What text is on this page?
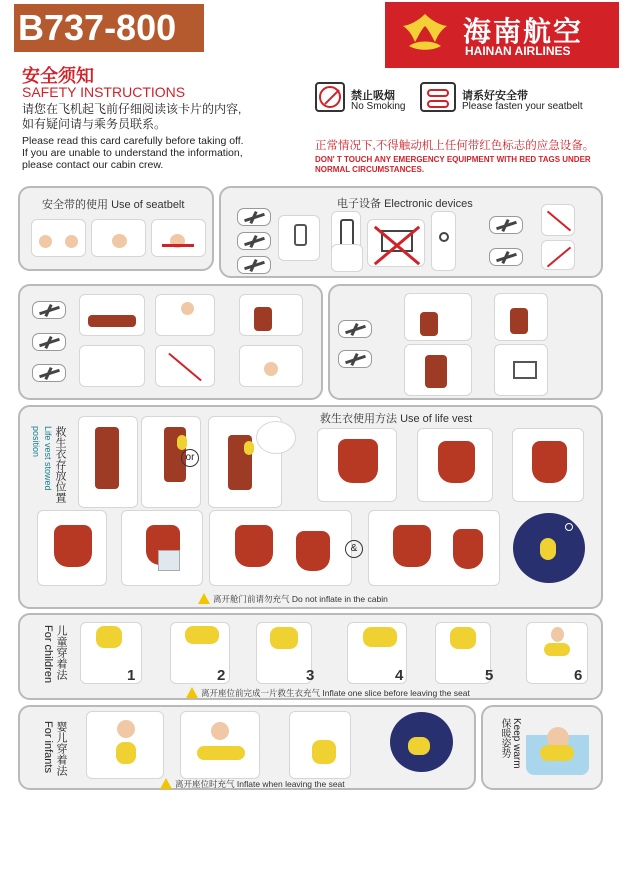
B737-800	海南航空
HAINAN AIRLINES
安全须知
SAFETY INSTRUCTIONS
请您在飞机起飞前仔细阅读该卡片的内容,
如有疑问请与乘务员联系。
Please read this card carefully before taking off.
If you are unable to understand the information,
please contact our cabin crew.
禁止吸烟
No Smoking
请系好安全带
Please fasten your seatbelt
正常情况下,不得触动机上任何带红色标志的应急设备。
DON' T TOUCH ANY EMERGENCY EQUIPMENT WITH RED TAGS UNDER
NORMAL CIRCUMSTANCES.
安全带的使用 Use of seatbelt	电子设备 Electronic devices
救生衣存放位置
Life vest stowed position
or
救生衣使用方法 Use of life vest
&
离开舱门前请勿充气 Do not inflate in the cabin
儿童穿着法 For children	1	2	3	4	5	6
离开座位前完成一片救生衣充气 Inflate one slice before leaving the seat
婴儿穿着法 For infants
离开座位时充气 Inflate when leaving the seat
Keep warm 保暖姿势
